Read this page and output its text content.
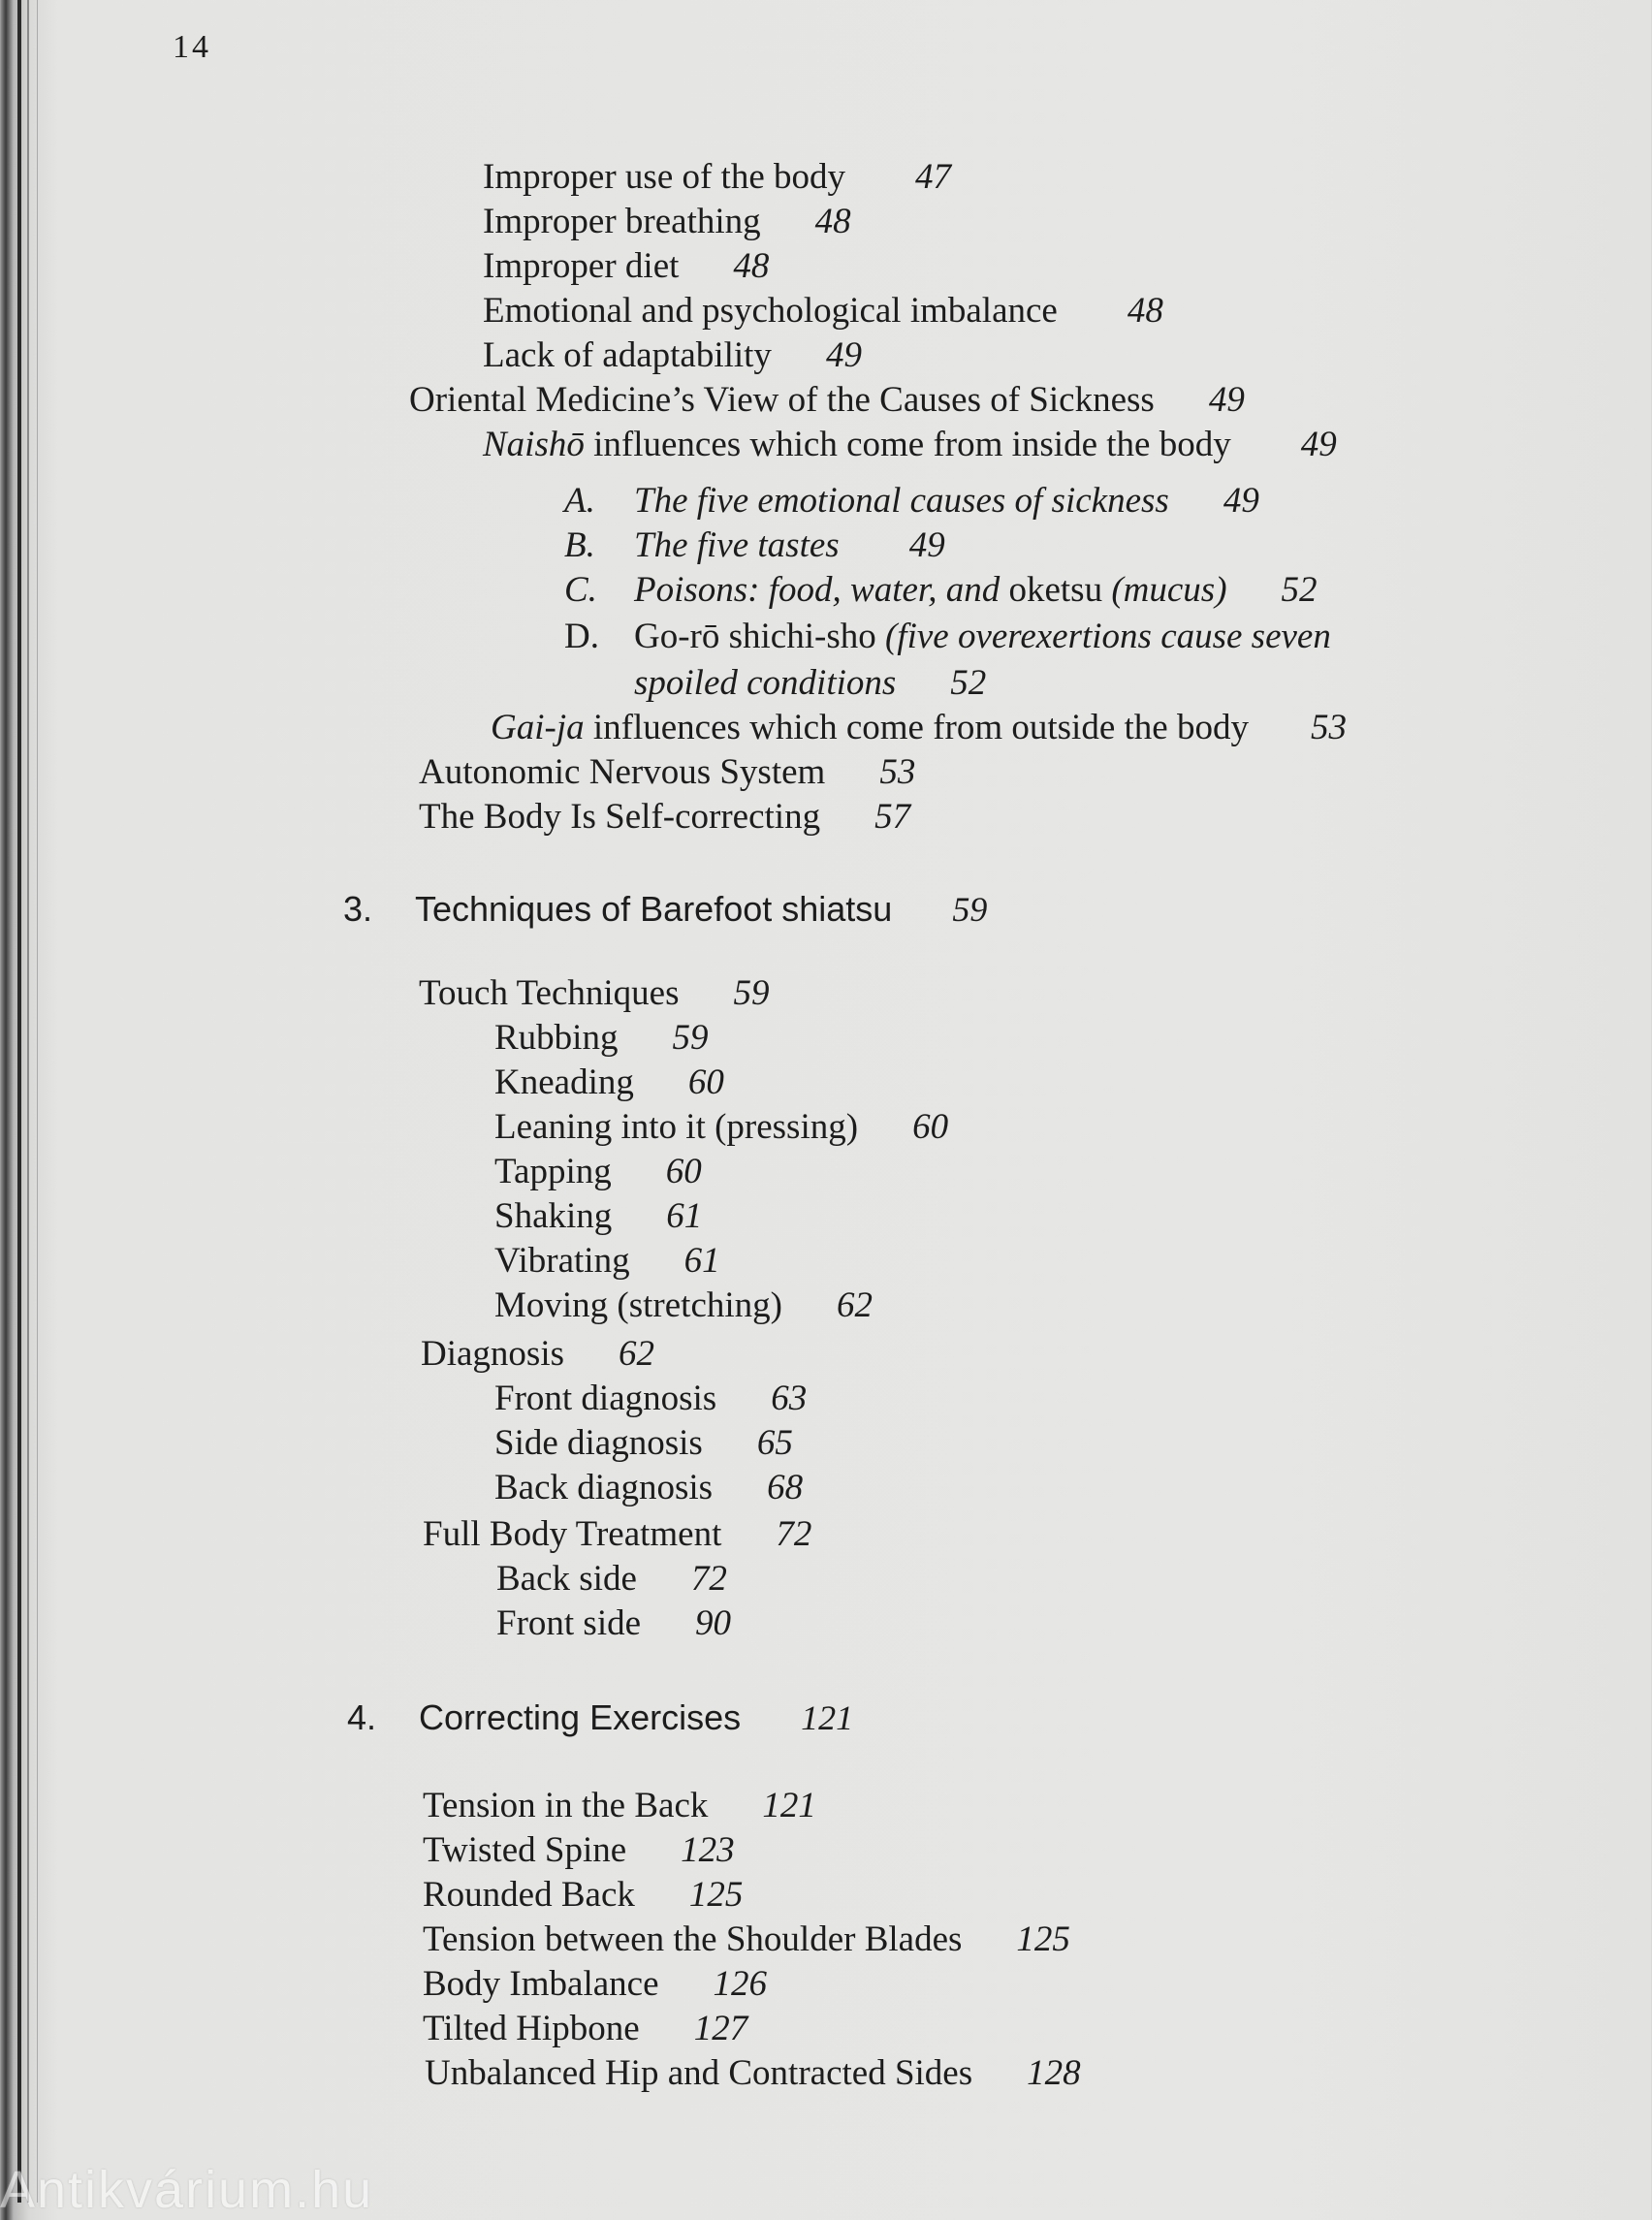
14
Improper use of the body 47
Improper breathing 48
Improper diet 48
Emotional and psychological imbalance 48
Lack of adaptability 49
Oriental Medicine’s View of the Causes of Sickness 49
Naishō influences which come from inside the body 49
A. The five emotional causes of sickness 49
B. The five tastes 49
C. Poisons: food, water, and oketsu (mucus) 52
D. Go-rō shichi-sho (five overexertions cause seven
spoiled conditions 52
Gai-ja influences which come from outside the body 53
Autonomic Nervous System 53
The Body Is Self-correcting 57
3. Techniques of Barefoot shiatsu 59
Touch Techniques 59
Rubbing 59
Kneading 60
Leaning into it (pressing) 60
Tapping 60
Shaking 61
Vibrating 61
Moving (stretching) 62
Diagnosis 62
Front diagnosis 63
Side diagnosis 65
Back diagnosis 68
Full Body Treatment 72
Back side 72
Front side 90
4. Correcting Exercises 121
Tension in the Back 121
Twisted Spine 123
Rounded Back 125
Tension between the Shoulder Blades 125
Body Imbalance 126
Tilted Hipbone 127
Unbalanced Hip and Contracted Sides 128
Antikvárium.hu
